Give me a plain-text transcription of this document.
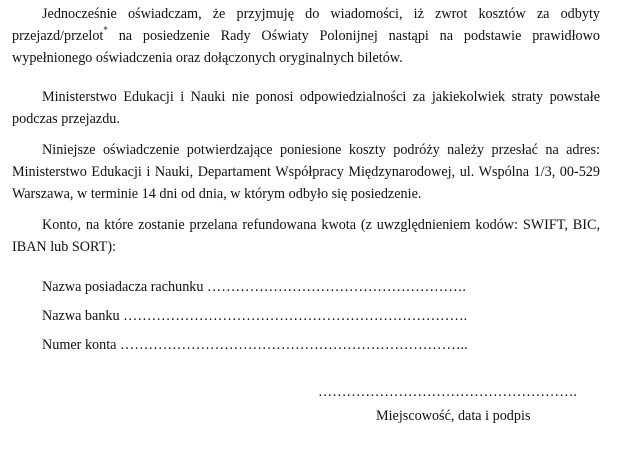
Jednocześnie oświadczam, że przyjmuję do wiadomości, iż zwrot kosztów za odbyty
przejazd/przelot* na posiedzenie Rady Oświaty Polonijnej nastąpi na podstawie prawidłowo
wypełnionego oświadczenia oraz dołączonych oryginalnych biletów.

Ministerstwo Edukacji i Nauki nie ponosi odpowiedzialności za jakiekolwiek straty powstałe
podczas przejazdu.

Niniejsze oświadczenie potwierdzające poniesione koszty podróży należy przesłać na adres:
Ministerstwo Edukacji i Nauki, Departament Współpracy Międzynarodowej, ul. Wspólna 1/3, 00-529
Warszawa, w terminie 14 dni od dnia, w którym odbyło się posiedzenie.

Konto, na które zostanie przelana refundowana kwota (z uwzględnieniem kodów: SWIFT, BIC,
IBAN lub SORT):

Nazwa posiadacza rachunku ……………………………………………….
Nazwa banku ……………………………………………………………….
Numer konta ………………………………………………………………..
……………………………………………….
Miejscowość, data i podpis
